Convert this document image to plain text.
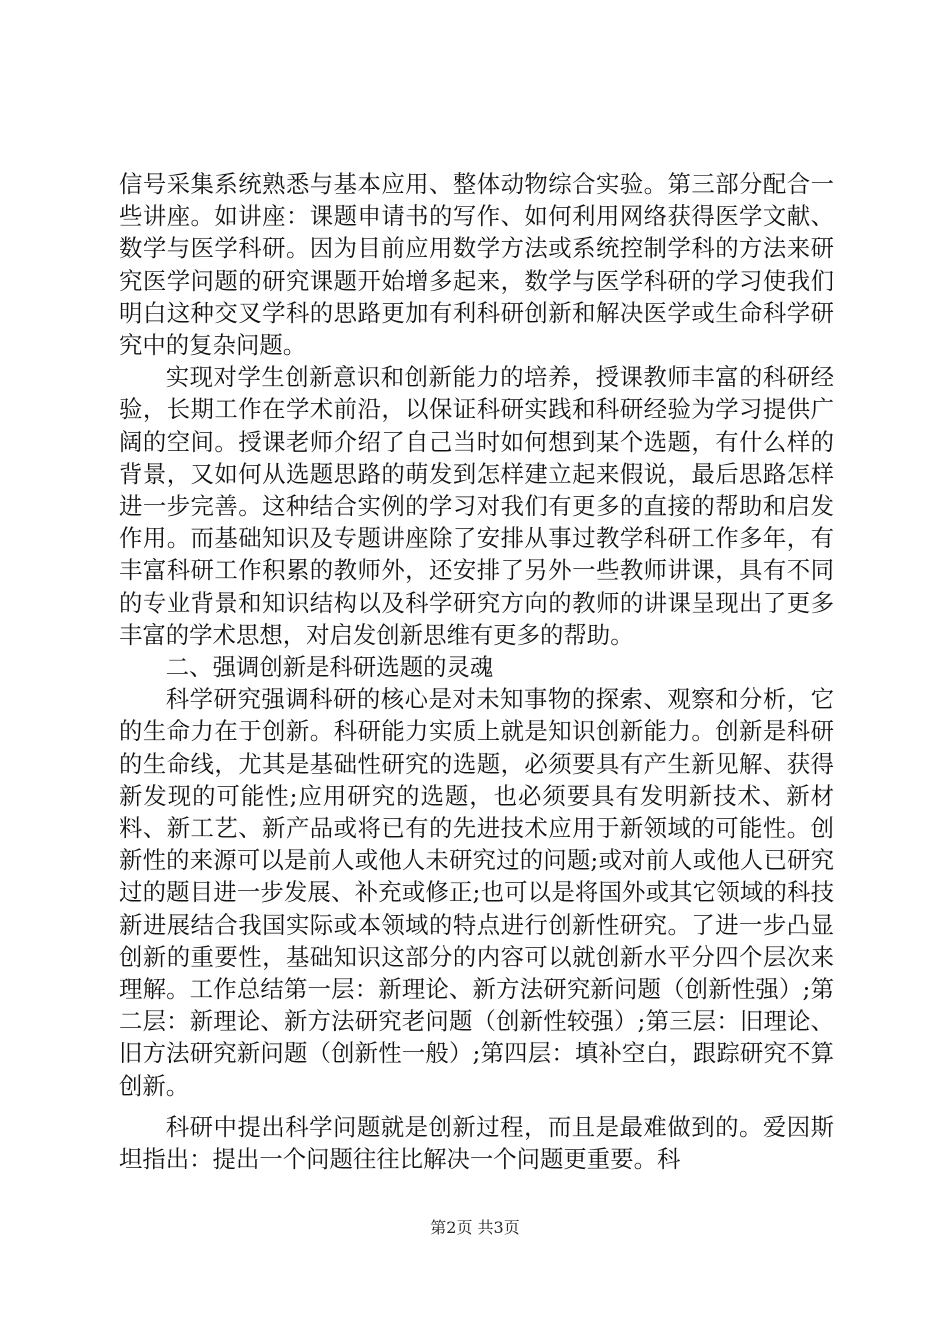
信号采集系统熟悉与基本应用、整体动物综合实验。第三部分配合一些讲座。如讲座：课题申请书的写作、如何利用网络获得医学文献、数学与医学科研。因为目前应用数学方法或系统控制学科的方法来研究医学问题的研究课题开始增多起来，数学与医学科研的学习使我们明白这种交叉学科的思路更加有利科研创新和解决医学或生命科学研究中的复杂问题。

实现对学生创新意识和创新能力的培养，授课教师丰富的科研经验，长期工作在学术前沿，以保证科研实践和科研经验为学习提供广阔的空间。授课老师介绍了自己当时如何想到某个选题，有什么样的背景，又如何从选题思路的萌发到怎样建立起来假说，最后思路怎样进一步完善。这种结合实例的学习对我们有更多的直接的帮助和启发作用。而基础知识及专题讲座除了安排从事过教学科研工作多年，有丰富科研工作积累的教师外，还安排了另外一些教师讲课，具有不同的专业背景和知识结构以及科学研究方向的教师的讲课呈现出了更多丰富的学术思想，对启发创新思维有更多的帮助。

二、强调创新是科研选题的灵魂

科学研究强调科研的核心是对未知事物的探索、观察和分析，它的生命力在于创新。科研能力实质上就是知识创新能力。创新是科研的生命线，尤其是基础性研究的选题，必须要具有产生新见解、获得新发现的可能性;应用研究的选题，也必须要具有发明新技术、新材料、新工艺、新产品或将已有的先进技术应用于新领域的可能性。创新性的来源可以是前人或他人未研究过的问题;或对前人或他人已研究过的题目进一步发展、补充或修正;也可以是将国外或其它领域的科技新进展结合我国实际或本领域的特点进行创新性研究。了进一步凸显创新的重要性，基础知识这部分的内容可以就创新水平分四个层次来理解。工作总结第一层：新理论、新方法研究新问题（创新性强）;第二层：新理论、新方法研究老问题（创新性较强）;第三层：旧理论、旧方法研究新问题（创新性一般）;第四层：填补空白，跟踪研究不算创新。

科研中提出科学问题就是创新过程，而且是最难做到的。爱因斯坦指出：提出一个问题往往比解决一个问题更重要。科

第2页 共3页
